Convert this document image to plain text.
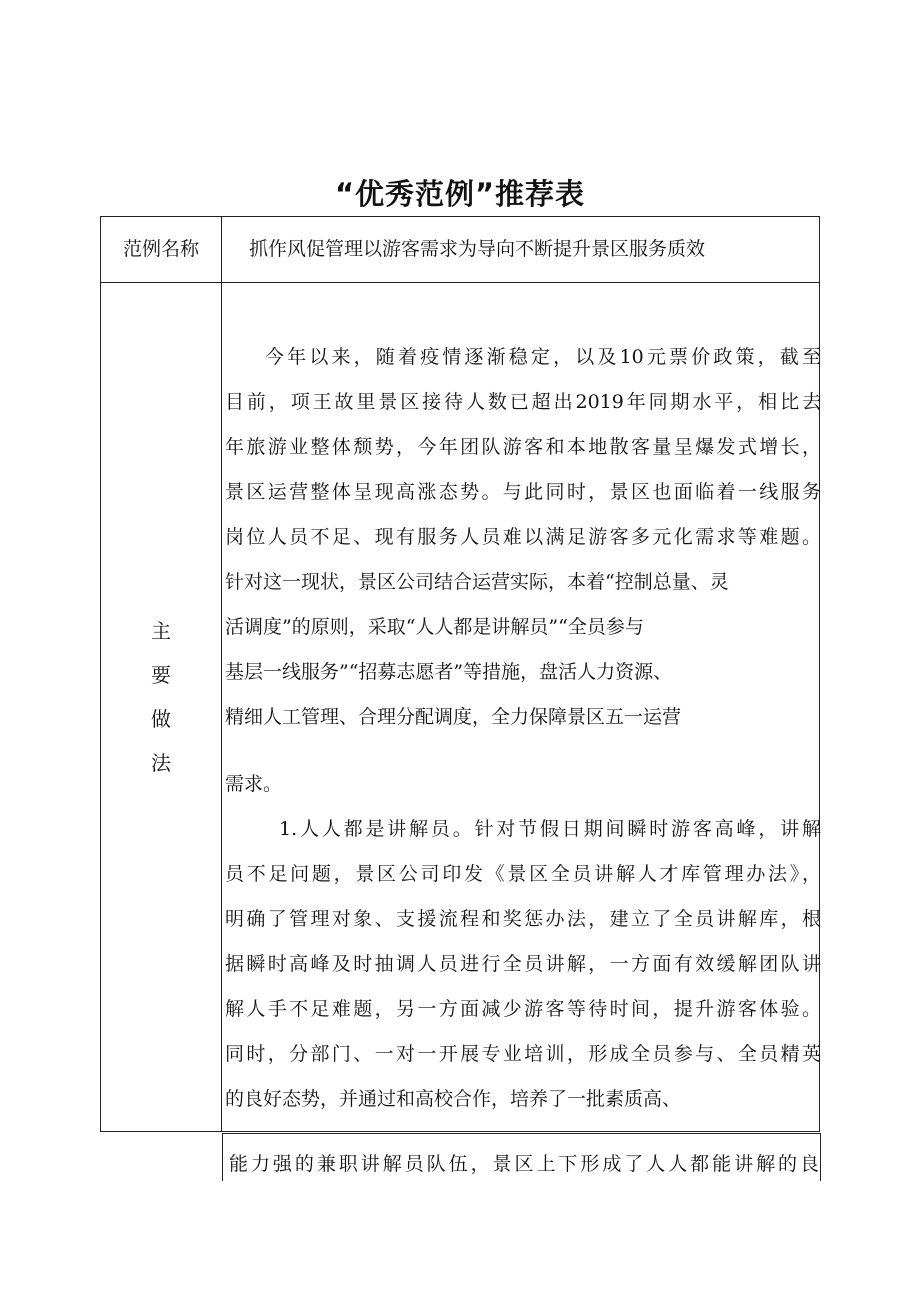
“优秀范例”推荐表
范例名称	抓作风促管理以游客需求为导向不断提升景区服务质效
主
要
做
法
今年以来，随着疫情逐渐稳定，以及10元票价政策，截至
目前，项王故里景区接待人数已超出2019年同期水平，相比去
年旅游业整体颓势，今年团队游客和本地散客量呈爆发式增长，
景区运营整体呈现高涨态势。与此同时，景区也面临着一线服务
岗位人员不足、现有服务人员难以满足游客多元化需求等难题。
针对这一现状，景区公司结合运营实际，本着“控制总量、灵
活调度”的原则，采取“人人都是讲解员”“全员参与
基层一线服务”“招募志愿者”等措施，盘活人力资源、
精细人工管理、合理分配调度，全力保障景区五一运营
需求。
1.人人都是讲解员。针对节假日期间瞬时游客高峰，讲解
员不足问题，景区公司印发《景区全员讲解人才库管理办法》，
明确了管理对象、支援流程和奖惩办法，建立了全员讲解库，根
据瞬时高峰及时抽调人员进行全员讲解，一方面有效缓解团队讲
解人手不足难题，另一方面减少游客等待时间，提升游客体验。
同时，分部门、一对一开展专业培训，形成全员参与、全员精英
的良好态势，并通过和高校合作，培养了一批素质高、
能力强的兼职讲解员队伍，景区上下形成了人人都能讲解的良
